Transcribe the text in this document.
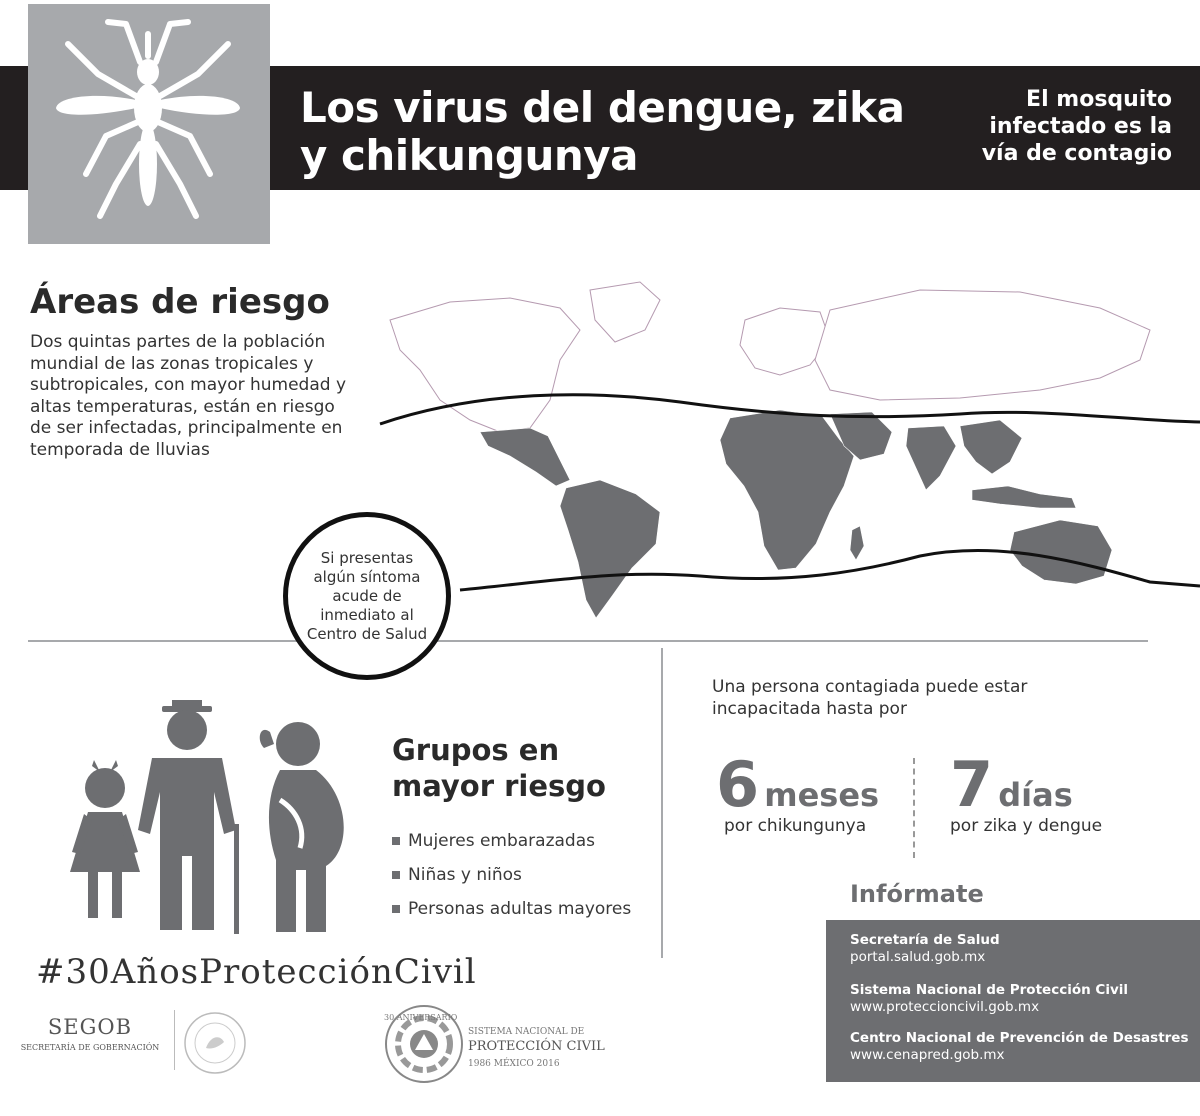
Los virus del dengue, zika
y chikungunya
El mosquito
infectado es la
vía de contagio
Áreas de riesgo
Dos quintas partes de la población mundial de las zonas tropicales y subtropicales, con mayor humedad y altas temperaturas, están en riesgo de ser infectadas, principalmente en temporada de lluvias
Si presentas algún síntoma acude de inmediato al Centro de Salud
Grupos en
mayor riesgo
Mujeres embarazadas
Niñas y niños
Personas adultas mayores
Una persona contagiada puede estar
incapacitada hasta por
6 meses
por chikungunya
7 días
por zika y dengue
Infórmate
Secretaría de Salud
portal.salud.gob.mx
Sistema Nacional de Protección Civil
www.proteccioncivil.gob.mx
Centro Nacional de Prevención de Desastres
www.cenapred.gob.mx
#30AñosProtecciónCivil
SEGOB
SECRETARÍA DE GOBERNACIÓN
30 ANIVERSARIO
SISTEMA NACIONAL DE
PROTECCIÓN CIVIL
1986 MÉXICO 2016
